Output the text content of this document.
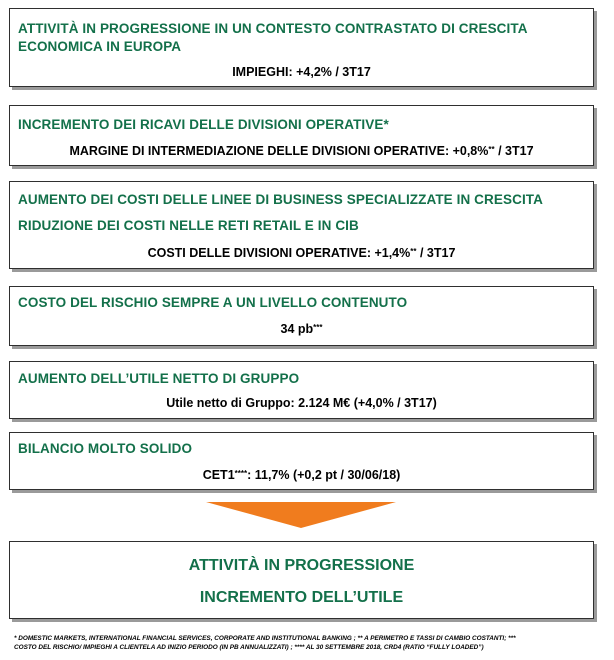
ATTIVITÀ IN PROGRESSIONE IN UN CONTESTO CONTRASTATO DI CRESCITA
ECONOMICA IN EUROPA
IMPIEGHI: +4,2% / 3T17
INCREMENTO DEI RICAVI DELLE DIVISIONI OPERATIVE*
MARGINE DI INTERMEDIAZIONE DELLE DIVISIONI OPERATIVE: +0,8%** / 3T17
AUMENTO DEI COSTI DELLE LINEE DI BUSINESS SPECIALIZZATE IN CRESCITA
RIDUZIONE DEI COSTI NELLE RETI RETAIL E IN CIB
COSTI DELLE DIVISIONI OPERATIVE: +1,4%** / 3T17
COSTO DEL RISCHIO SEMPRE A UN LIVELLO CONTENUTO
34 pb***
AUMENTO DELL’UTILE NETTO DI GRUPPO
Utile netto di Gruppo: 2.124 M€ (+4,0% / 3T17)
BILANCIO MOLTO SOLIDO
CET1****: 11,7% (+0,2 pt / 30/06/18)
ATTIVITÀ IN PROGRESSIONE
INCREMENTO DELL’UTILE
* DOMESTIC MARKETS, INTERNATIONAL FINANCIAL SERVICES, CORPORATE AND INSTITUTIONAL BANKING ; ** A PERIMETRO E TASSI DI CAMBIO COSTANTI; ***
COSTO DEL RISCHIO/ IMPIEGHI A CLIENTELA AD INIZIO PERIODO (IN PB ANNUALIZZATI) ; **** AL 30 SETTEMBRE 2018, CRD4 (RATIO “FULLY LOADED”)
